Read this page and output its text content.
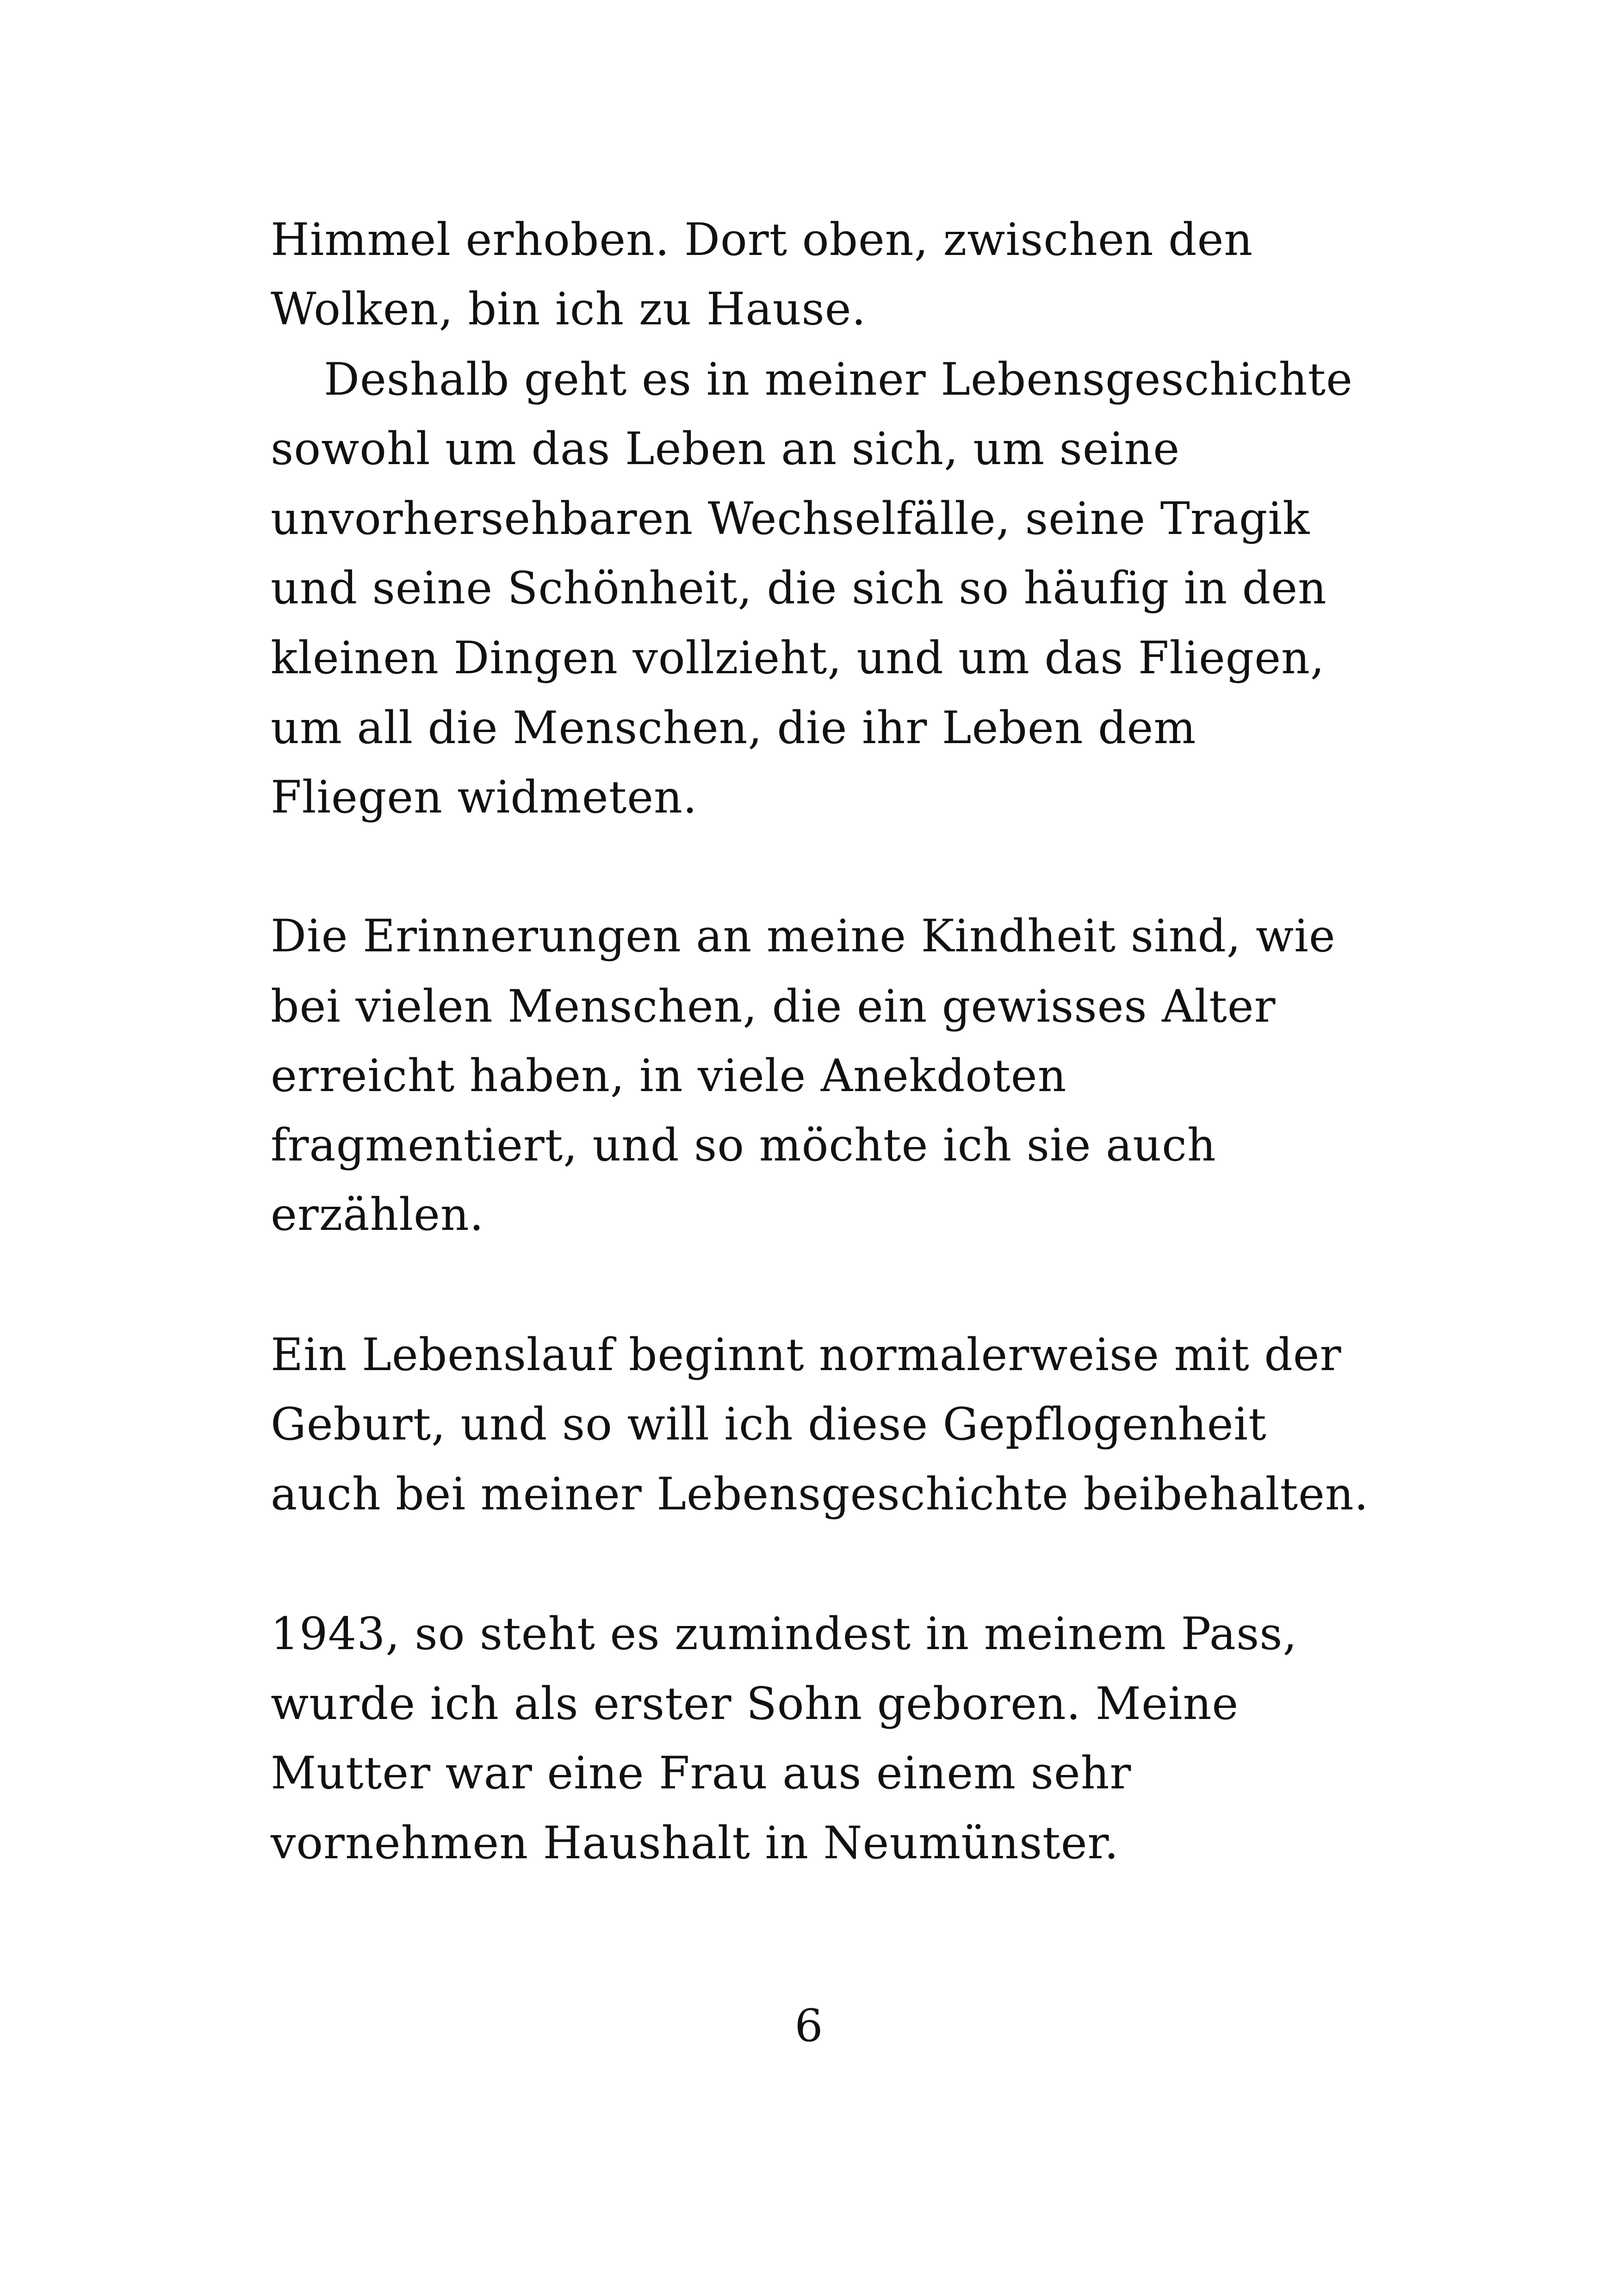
Himmel erhoben. Dort oben, zwischen den

Wolken, bin ich zu Hause.

Deshalb geht es in meiner Lebensgeschichte

sowohl um das Leben an sich, um seine

unvorhersehbaren Wechselfälle, seine Tragik

und seine Schönheit, die sich so häufig in den

kleinen Dingen vollzieht, und um das Fliegen,

um all die Menschen, die ihr Leben dem

Fliegen widmeten.

Die Erinnerungen an meine Kindheit sind, wie

bei vielen Menschen, die ein gewisses Alter

erreicht haben, in viele Anekdoten

fragmentiert, und so möchte ich sie auch

erzählen.

Ein Lebenslauf beginnt normalerweise mit der

Geburt, und so will ich diese Gepflogenheit

auch bei meiner Lebensgeschichte beibehalten.

1943, so steht es zumindest in meinem Pass,

wurde ich als erster Sohn geboren. Meine

Mutter war eine Frau aus einem sehr

vornehmen Haushalt in Neumünster.

6
